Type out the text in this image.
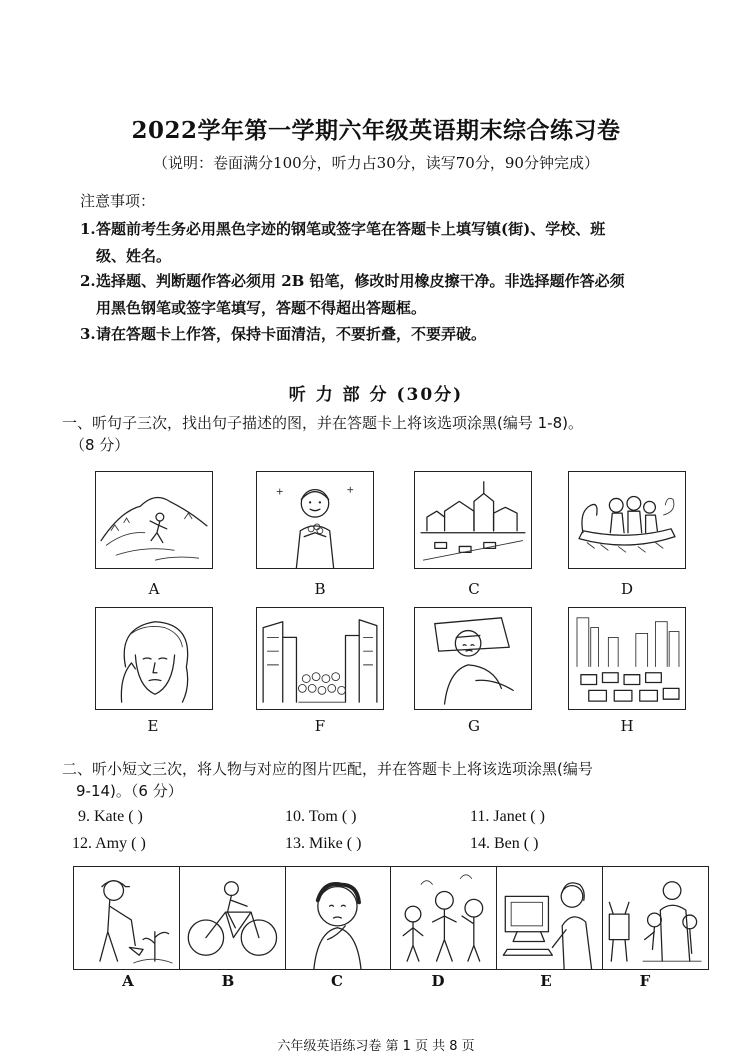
2022学年第一学期六年级英语期末综合练习卷
（说明：卷面满分100分，听力占30分，读写70分，90分钟完成）
注意事项：
1.答题前考生务必用黑色字迹的钢笔或签字笔在答题卡上填写镇(街)、学校、班
级、姓名。
2.选择题、判断题作答必须用 2B 铅笔，修改时用橡皮擦干净。非选择题作答必须
用黑色钢笔或签字笔填写，答题不得超出答题框。
3.请在答题卡上作答，保持卡面清洁，不要折叠，不要弄破。
听 力 部 分 (30分)
一、听句子三次，找出句子描述的图，并在答题卡上将该选项涂黑(编号 1-8)。
（8 分）
A	B	C	D
E	F	G	H
二、听小短文三次，将人物与对应的图片匹配，并在答题卡上将该选项涂黑(编号
9-14)。（6 分）
9. Kate ( )	10. Tom ( )	11. Janet ( )
12. Amy ( )	13. Mike ( )	14. Ben ( )
A	B	C	D	E	F
六年级英语练习卷 第 1 页 共 8 页
